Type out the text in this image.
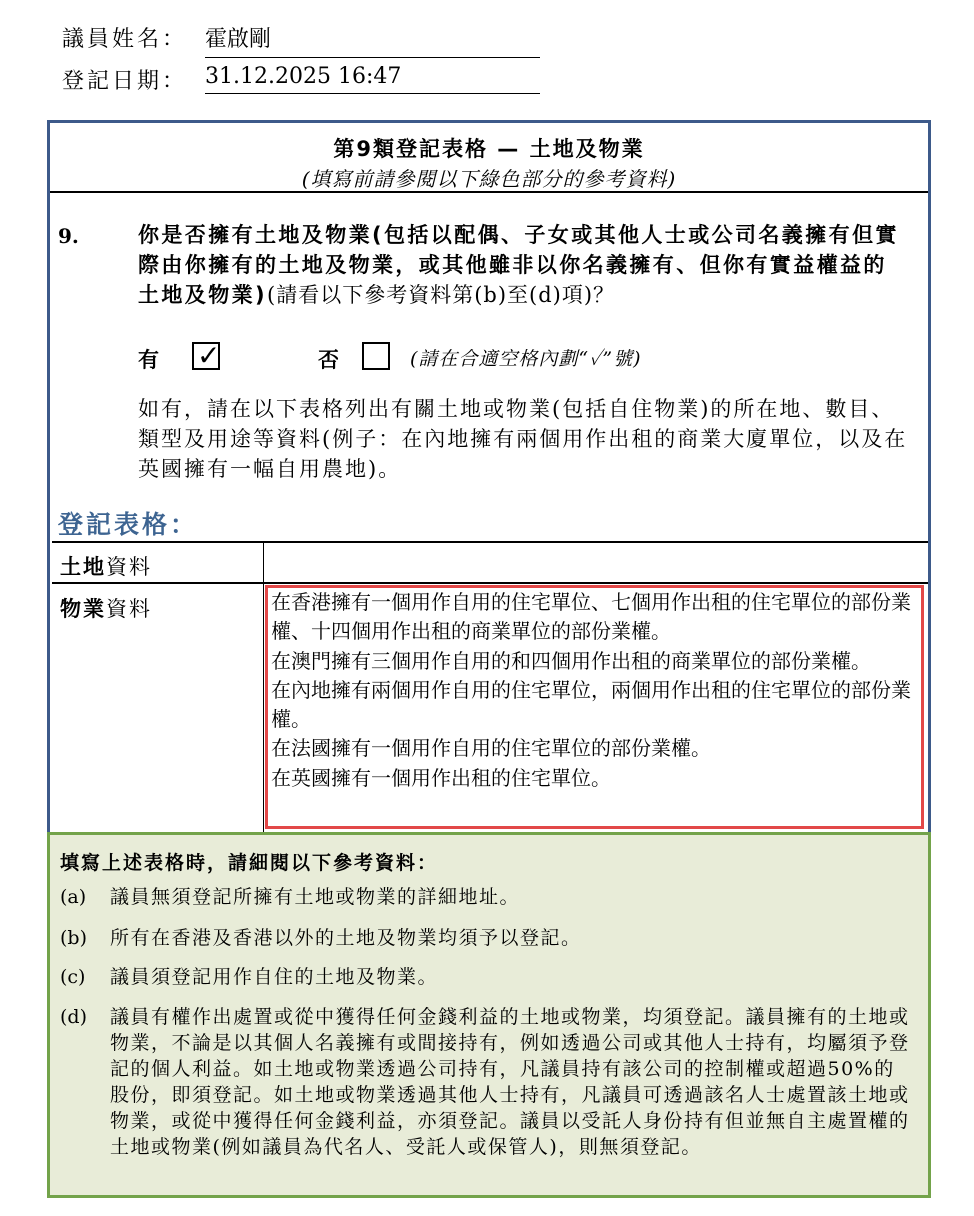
議員姓名： 霍啟剛
登記日期： 31.12.2025 16:47
第9類登記表格 — 土地及物業
(填寫前請參閱以下綠色部分的參考資料)
9.	你是否擁有土地及物業(包括以配偶、子女或其他人士或公司名義擁有但實際由你擁有的土地及物業，或其他雖非以你名義擁有、但你有實益權益的土地及物業)(請看以下參考資料第(b)至(d)項)？
有 ✓	否	(請在合適空格內劃“✓”號)
如有，請在以下表格列出有關土地或物業(包括自住物業)的所在地、數目、類型及用途等資料(例子：在內地擁有兩個用作出租的商業大廈單位，以及在英國擁有一幅自用農地)。
登記表格：
土地資料
物業資料	在香港擁有一個用作自用的住宅單位、七個用作出租的住宅單位的部份業權、十四個用作出租的商業單位的部份業權。
在澳門擁有三個用作自用的和四個用作出租的商業單位的部份業權。
在內地擁有兩個用作自用的住宅單位，兩個用作出租的住宅單位的部份業權。
在法國擁有一個用作自用的住宅單位的部份業權。
在英國擁有一個用作出租的住宅單位。
填寫上述表格時，請細閱以下參考資料：
(a) 議員無須登記所擁有土地或物業的詳細地址。
(b) 所有在香港及香港以外的土地及物業均須予以登記。
(c) 議員須登記用作自住的土地及物業。
(d) 議員有權作出處置或從中獲得任何金錢利益的土地或物業，均須登記。議員擁有的土地或物業，不論是以其個人名義擁有或間接持有，例如透過公司或其他人士持有，均屬須予登記的個人利益。如土地或物業透過公司持有，凡議員持有該公司的控制權或超過50%的股份，即須登記。如土地或物業透過其他人士持有，凡議員可透過該名人士處置該土地或物業，或從中獲得任何金錢利益，亦須登記。議員以受託人身份持有但並無自主處置權的土地或物業(例如議員為代名人、受託人或保管人)，則無須登記。
